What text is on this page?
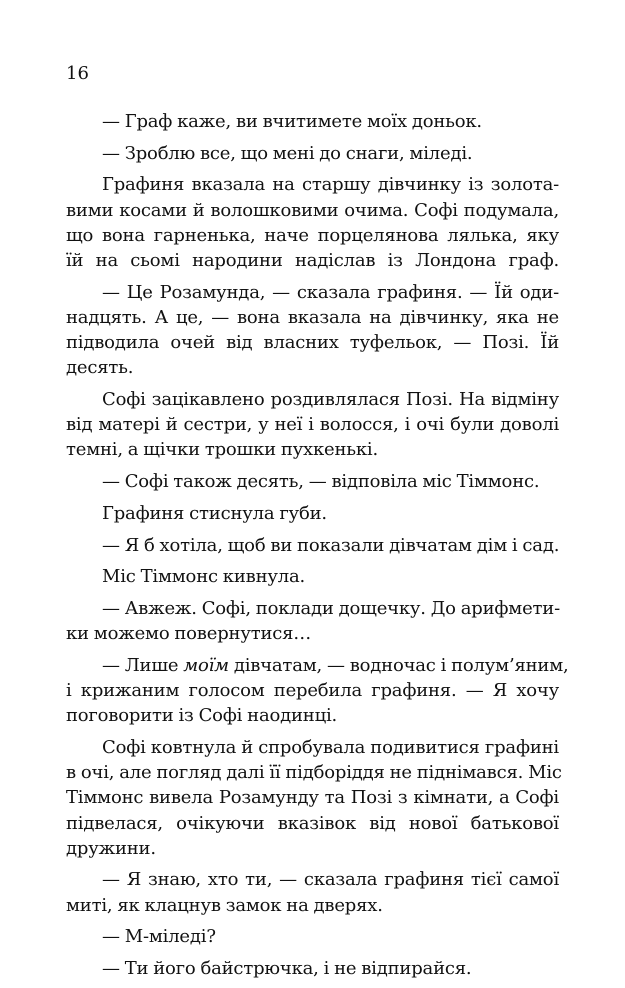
16

— Граф каже, ви вчитимете моїх доньок.

— Зроблю все, що мені до снаги, міледі.

Графиня вказала на старшу дівчинку із золота-
вими косами й волошковими очима. Софі подумала,
що вона гарненька, наче порцелянова лялька, яку
їй на сьомі народини надіслав із Лондона граф.

— Це Розамунда, — сказала графиня. — Їй оди-
надцять. А це, — вона вказала на дівчинку, яка не
підводила очей від власних туфельок, — Позі. Їй
десять.

Софі зацікавлено роздивлялася Позі. На відміну
від матері й сестри, у неї і волосся, і очі були доволі
темні, а щічки трошки пухкенькі.

— Софі також десять, — відповіла міс Тіммонс.

Графиня стиснула губи.

— Я б хотіла, щоб ви показали дівчатам дім і сад.

Міс Тіммонс кивнула.

— Авжеж. Софі, поклади дощечку. До арифмети-
ки можемо повернутися…

— Лише моїм дівчатам, — водночас і полум’яним,
і крижаним голосом перебила графиня. — Я хочу
поговорити із Софі наодинці.

Софі ковтнула й спробувала подивитися графині
в очі, але погляд далі її підборіддя не піднімався. Міс
Тіммонс вивела Розамунду та Позі з кімнати, а Софі
підвелася, очікуючи вказівок від нової батькової
дружини.

— Я знаю, хто ти, — сказала графиня тієї самої
миті, як клацнув замок на дверях.

— М-міледі?

— Ти його байстрючка, і не відпирайся.
